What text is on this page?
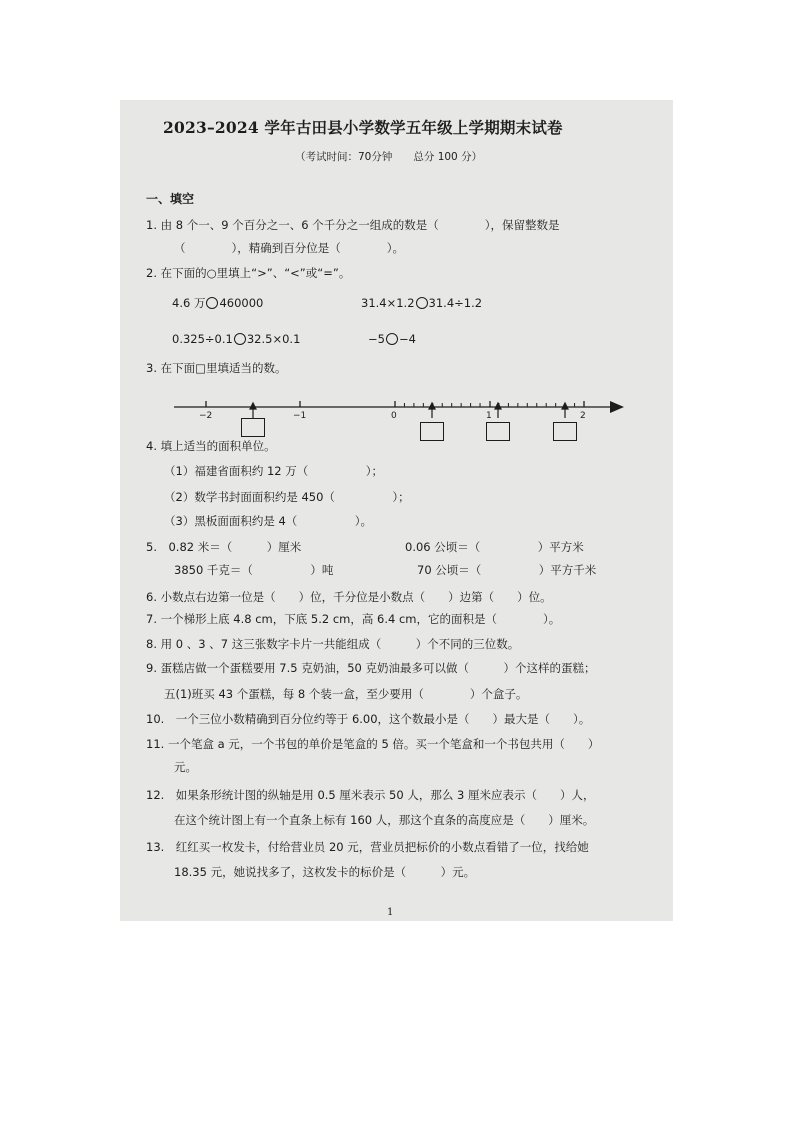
2023–2024 学年古田县小学数学五年级上学期期末试卷
（考试时间：70分钟　　总分 100 分）
一、填空
1. 由 8 个一、9 个百分之一、6 个千分之一组成的数是（　　　　），保留整数是
（　　　　），精确到百分位是（　　　　）。
2. 在下面的○里填上“>”、“<”或“=”。
4.6 万 460000	31.4×1.2 31.4÷1.2
0.325÷0.1 32.5×0.1	−5 −4
3. 在下面□里填适当的数。
−2	−1	0	1	2
4. 填上适当的面积单位。
（1）福建省面积约 12 万（　　　　　）；
（2）数学书封面面积约是 450（　　　　　）；
（3）黑板面面积约是 4（　　　　　）。
5.　0.82 米＝（　　　）厘米	0.06 公顷＝（　　　　　）平方米
3850 千克＝（　　　　　）吨	70 公顷＝（　　　　　）平方千米
6. 小数点右边第一位是（　　）位，千分位是小数点（　　）边第（　　）位。
7. 一个梯形上底 4.8 cm，下底 5.2 cm，高 6.4 cm，它的面积是（　　　　）。
8. 用 0 、3 、7 这三张数字卡片一共能组成（　　　）个不同的三位数。
9. 蛋糕店做一个蛋糕要用 7.5 克奶油，50 克奶油最多可以做（　　　）个这样的蛋糕；
五(1)班买 43 个蛋糕，每 8 个装一盒，至少要用（　　　　）个盒子。
10.　一个三位小数精确到百分位约等于 6.00，这个数最小是（　　）最大是（　　）。
11. 一个笔盒 a 元，一个书包的单价是笔盒的 5 倍。买一个笔盒和一个书包共用（　　）
元。
12.　如果条形统计图的纵轴是用 0.5 厘米表示 50 人，那么 3 厘米应表示（　　）人，
在这个统计图上有一个直条上标有 160 人，那这个直条的高度应是（　　）厘米。
13.　红红买一枚发卡，付给营业员 20 元，营业员把标价的小数点看错了一位，找给她
18.35 元，她说找多了，这枚发卡的标价是（　　　）元。
1
